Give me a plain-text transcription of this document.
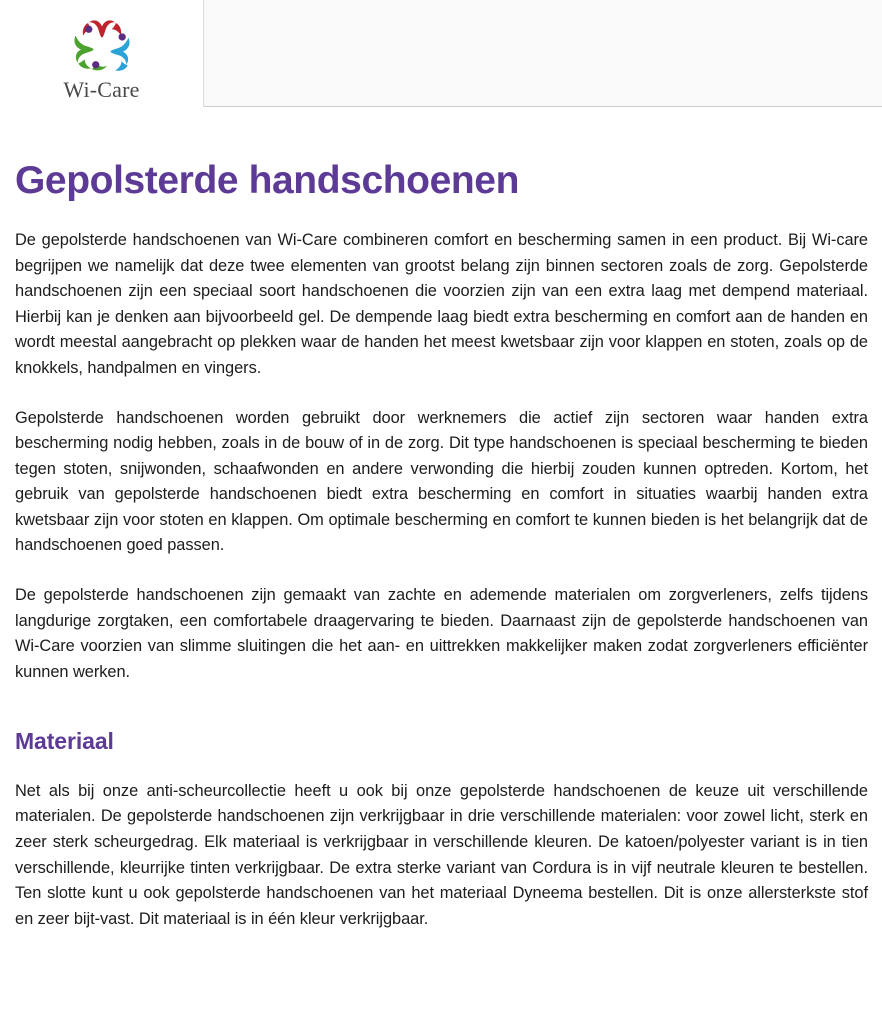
Wi-Care
Gepolsterde handschoenen

De gepolsterde handschoenen van Wi-Care combineren comfort en bescherming samen in een product. Bij Wi-care begrijpen we namelijk dat deze twee elementen van grootst belang zijn binnen sectoren zoals de zorg. Gepolsterde handschoenen zijn een speciaal soort handschoenen die voorzien zijn van een extra laag met dempend materiaal. Hierbij kan je denken aan bijvoorbeeld gel. De dempende laag biedt extra bescherming en comfort aan de handen en wordt meestal aangebracht op plekken waar de handen het meest kwetsbaar zijn voor klappen en stoten, zoals op de knokkels, handpalmen en vingers.

Gepolsterde handschoenen worden gebruikt door werknemers die actief zijn sectoren waar handen extra bescherming nodig hebben, zoals in de bouw of in de zorg. Dit type handschoenen is speciaal bescherming te bieden tegen stoten, snijwonden, schaafwonden en andere verwonding die hierbij zouden kunnen optreden. Kortom, het gebruik van gepolsterde handschoenen biedt extra bescherming en comfort in situaties waarbij handen extra kwetsbaar zijn voor stoten en klappen. Om optimale bescherming en comfort te kunnen bieden is het belangrijk dat de handschoenen goed passen.

De gepolsterde handschoenen zijn gemaakt van zachte en ademende materialen om zorgverleners, zelfs tijdens langdurige zorgtaken, een comfortabele draagervaring te bieden. Daarnaast zijn de gepolsterde handschoenen van Wi-Care voorzien van slimme sluitingen die het aan- en uittrekken makkelijker maken zodat zorgverleners efficiënter kunnen werken.

Materiaal

Net als bij onze anti-scheurcollectie heeft u ook bij onze gepolsterde handschoenen de keuze uit verschillende materialen. De gepolsterde handschoenen zijn verkrijgbaar in drie verschillende materialen: voor zowel licht, sterk en zeer sterk scheurgedrag. Elk materiaal is verkrijgbaar in verschillende kleuren. De katoen/polyester variant is in tien verschillende, kleurrijke tinten verkrijgbaar. De extra sterke variant van Cordura is in vijf neutrale kleuren te bestellen. Ten slotte kunt u ook gepolsterde handschoenen van het materiaal Dyneema bestellen. Dit is onze allersterkste stof en zeer bijt-vast. Dit materiaal is in één kleur verkrijgbaar.
